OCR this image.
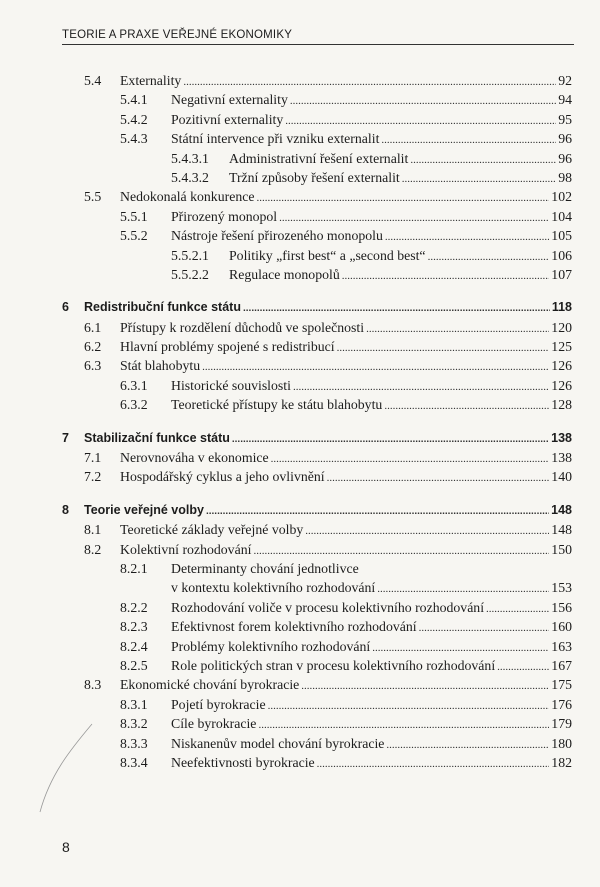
TEORIE A PRAXE VEŘEJNÉ EKONOMIKY
5.4	Externality .....	92
5.4.1	Negativní externality .....	94
5.4.2	Pozitivní externality .....	95
5.4.3	Státní intervence při vzniku externalit .....	96
5.4.3.1	Administrativní řešení externalit .....	96
5.4.3.2	Tržní způsoby řešení externalit .....	98
5.5	Nedokonalá konkurence .....	102
5.5.1	Přirozený monopol .....	104
5.5.2	Nástroje řešení přirozeného monopolu .....	105
5.5.2.1	Politiky „first best“ a „second best“ .....	106
5.5.2.2	Regulace monopolů .....	107
6	Redistribuční funkce státu .....	118
6.1	Přístupy k rozdělení důchodů ve společnosti .....	120
6.2	Hlavní problémy spojené s redistribucí .....	125
6.3	Stát blahobytu .....	126
6.3.1	Historické souvislosti .....	126
6.3.2	Teoretické přístupy ke státu blahobytu .....	128
7	Stabilizační funkce státu .....	138
7.1	Nerovnováha v ekonomice .....	138
7.2	Hospodářský cyklus a jeho ovlivnění .....	140
8	Teorie veřejné volby .....	148
8.1	Teoretické základy veřejné volby .....	148
8.2	Kolektivní rozhodování .....	150
8.2.1	Determinanty chování jednotlivce
v kontextu kolektivního rozhodování .....	153
8.2.2	Rozhodování voliče v procesu kolektivního rozhodování .....	156
8.2.3	Efektivnost forem kolektivního rozhodování .....	160
8.2.4	Problémy kolektivního rozhodování .....	163
8.2.5	Role politických stran v procesu kolektivního rozhodování .....	167
8.3	Ekonomické chování byrokracie .....	175
8.3.1	Pojetí byrokracie .....	176
8.3.2	Cíle byrokracie .....	179
8.3.3	Niskanenův model chování byrokracie .....	180
8.3.4	Neefektivnosti byrokracie .....	182
8
